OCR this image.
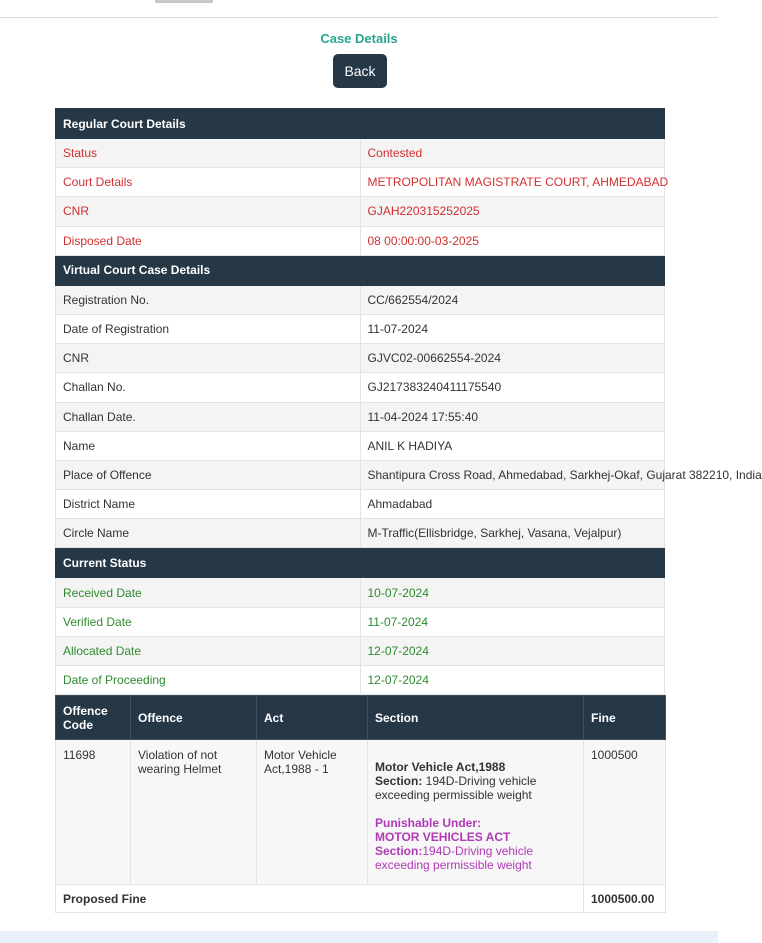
Case Details
Back
Regular Court Details	
Status	Contested
Court Details	METROPOLITAN MAGISTRATE COURT, AHMEDABAD
CNR	GJAH220315252025
Disposed Date	08 00:00:00-03-2025
Virtual Court Case Details	
Registration No.	CC/662554/2024
Date of Registration	11-07-2024
CNR	GJVC02-00662554-2024
Challan No.	GJ217383240411175540
Challan Date.	11-04-2024 17:55:40
Name	ANIL K HADIYA
Place of Offence	Shantipura Cross Road, Ahmedabad, Sarkhej-Okaf, Gujarat 382210, India
District Name	Ahmadabad
Circle Name	M-Traffic(Ellisbridge, Sarkhej, Vasana, Vejalpur)
Current Status	
Received Date	10-07-2024
Verified Date	11-07-2024
Allocated Date	12-07-2024
Date of Proceeding	12-07-2024
Offence
Code	Offence	Act	Section	Fine
11698	Violation of not wearing Helmet	Motor Vehicle Act,1988 - 1	Motor Vehicle Act,1988
Section: 194D-Driving vehicle exceeding permissible weight
Punishable Under:
MOTOR VEHICLES ACT
Section:194D-Driving vehicle exceeding permissible weight	1000500
Proposed Fine				1000500.00
